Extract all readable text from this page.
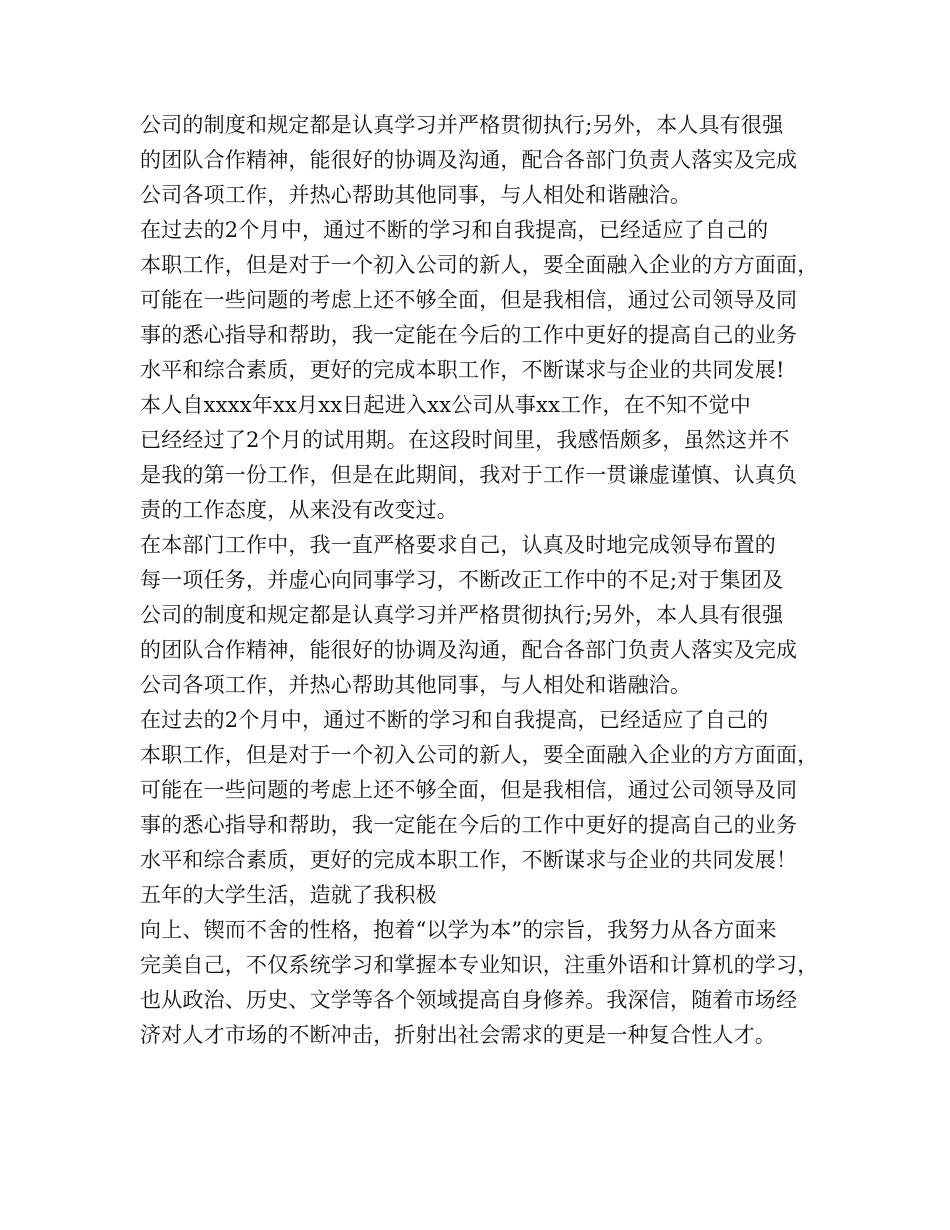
公司的制度和规定都是认真学习并严格贯彻执行;另外，本人具有很强
的团队合作精神，能很好的协调及沟通，配合各部门负责人落实及完成
公司各项工作，并热心帮助其他同事，与人相处和谐融洽。
在过去的2个月中，通过不断的学习和自我提高，已经适应了自己的
本职工作，但是对于一个初入公司的新人，要全面融入企业的方方面面，
可能在一些问题的考虑上还不够全面，但是我相信，通过公司领导及同
事的悉心指导和帮助，我一定能在今后的工作中更好的提高自己的业务
水平和综合素质，更好的完成本职工作，不断谋求与企业的共同发展!
本人自xxxx年xx月xx日起进入xx公司从事xx工作，在不知不觉中
已经经过了2个月的试用期。在这段时间里，我感悟颇多，虽然这并不
是我的第一份工作，但是在此期间，我对于工作一贯谦虚谨慎、认真负
责的工作态度，从来没有改变过。
在本部门工作中，我一直严格要求自己，认真及时地完成领导布置的
每一项任务，并虚心向同事学习，不断改正工作中的不足;对于集团及
公司的制度和规定都是认真学习并严格贯彻执行;另外，本人具有很强
的团队合作精神，能很好的协调及沟通，配合各部门负责人落实及完成
公司各项工作，并热心帮助其他同事，与人相处和谐融洽。
在过去的2个月中，通过不断的学习和自我提高，已经适应了自己的
本职工作，但是对于一个初入公司的新人，要全面融入企业的方方面面，
可能在一些问题的考虑上还不够全面，但是我相信，通过公司领导及同
事的悉心指导和帮助，我一定能在今后的工作中更好的提高自己的业务
水平和综合素质，更好的完成本职工作，不断谋求与企业的共同发展！
五年的大学生活，造就了我积极
向上、锲而不舍的性格，抱着“以学为本”的宗旨，我努力从各方面来
完美自己，不仅系统学习和掌握本专业知识，注重外语和计算机的学习，
也从政治、历史、文学等各个领域提高自身修养。我深信，随着市场经
济对人才市场的不断冲击，折射出社会需求的更是一种复合性人才。
